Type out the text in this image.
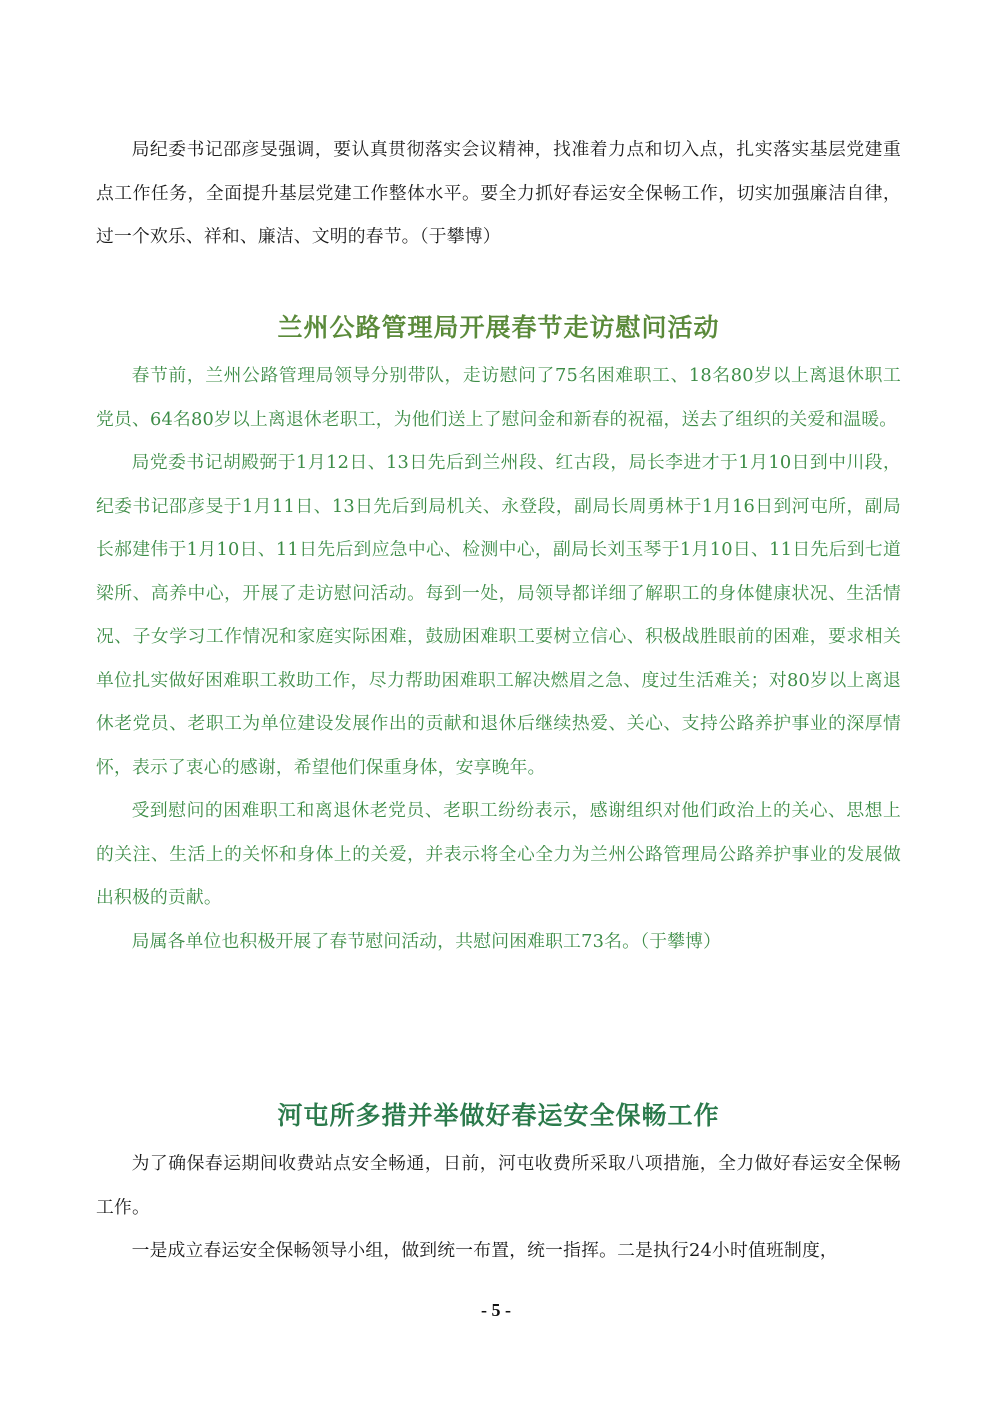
局纪委书记邵彦旻强调，要认真贯彻落实会议精神，找准着力点和切入点，扎实落实基层党建重点工作任务，全面提升基层党建工作整体水平。要全力抓好春运安全保畅工作，切实加强廉洁自律，过一个欢乐、祥和、廉洁、文明的春节。（于攀博）

兰州公路管理局开展春节走访慰问活动

春节前，兰州公路管理局领导分别带队，走访慰问了75名困难职工、18名80岁以上离退休职工党员、64名80岁以上离退休老职工，为他们送上了慰问金和新春的祝福，送去了组织的关爱和温暖。

局党委书记胡殿弼于1月12日、13日先后到兰州段、红古段，局长李进才于1月10日到中川段，纪委书记邵彦旻于1月11日、13日先后到局机关、永登段，副局长周勇林于1月16日到河屯所，副局长郝建伟于1月10日、11日先后到应急中心、检测中心，副局长刘玉琴于1月10日、11日先后到七道梁所、高养中心，开展了走访慰问活动。每到一处，局领导都详细了解职工的身体健康状况、生活情况、子女学习工作情况和家庭实际困难，鼓励困难职工要树立信心、积极战胜眼前的困难，要求相关单位扎实做好困难职工救助工作，尽力帮助困难职工解决燃眉之急、度过生活难关；对80岁以上离退休老党员、老职工为单位建设发展作出的贡献和退休后继续热爱、关心、支持公路养护事业的深厚情怀，表示了衷心的感谢，希望他们保重身体，安享晚年。

受到慰问的困难职工和离退休老党员、老职工纷纷表示，感谢组织对他们政治上的关心、思想上的关注、生活上的关怀和身体上的关爱，并表示将全心全力为兰州公路管理局公路养护事业的发展做出积极的贡献。

局属各单位也积极开展了春节慰问活动，共慰问困难职工73名。（于攀博）

河屯所多措并举做好春运安全保畅工作

为了确保春运期间收费站点安全畅通，日前，河屯收费所采取八项措施，全力做好春运安全保畅工作。

一是成立春运安全保畅领导小组，做到统一布置，统一指挥。二是执行24小时值班制度，

- 5 -
